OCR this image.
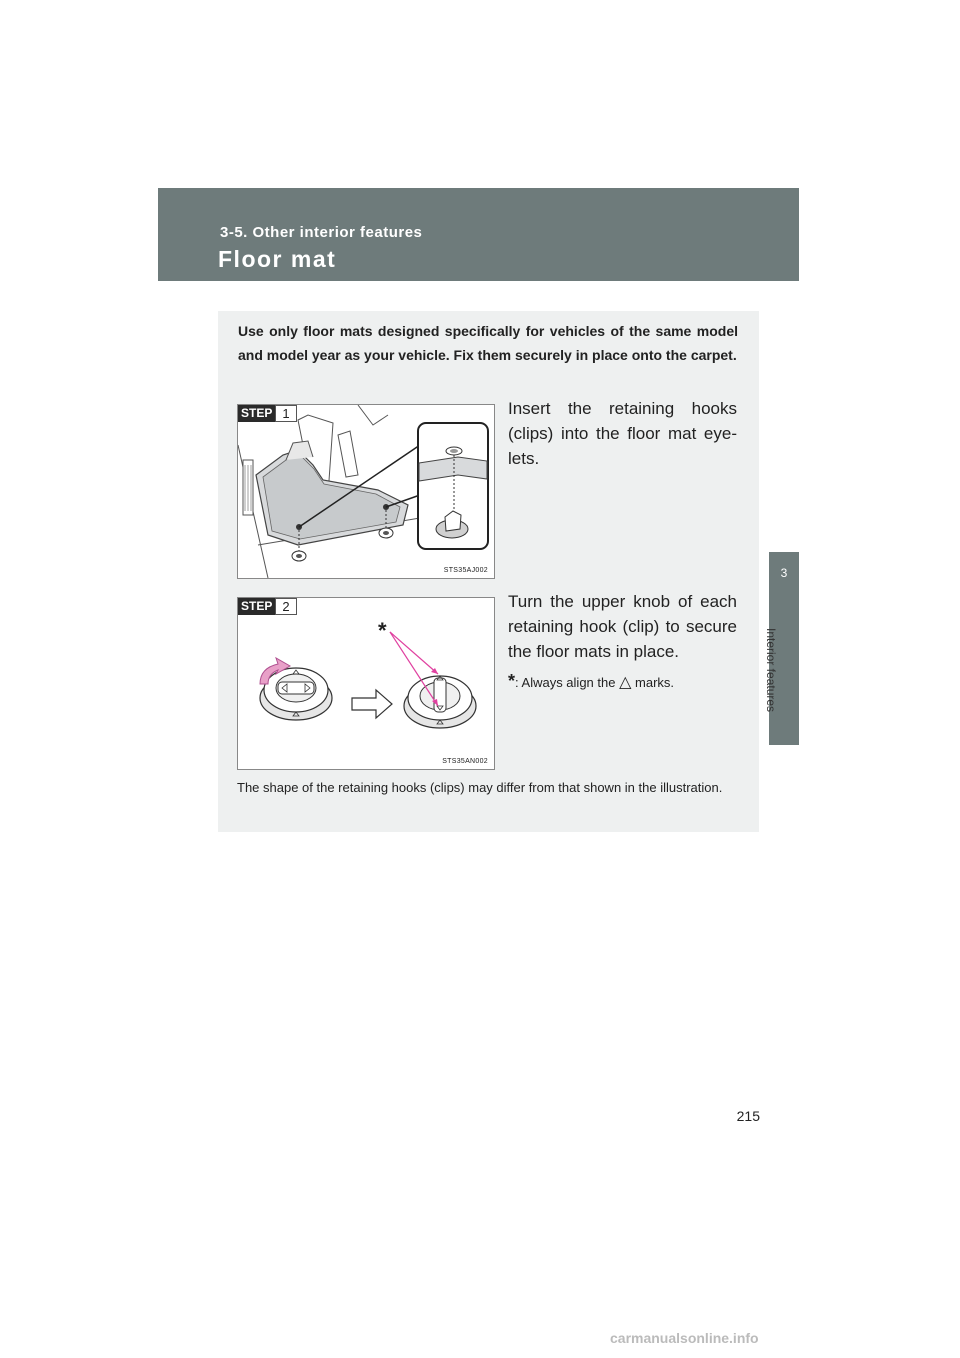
3-5. Other interior features
Floor mat
3
Interior features
Use only floor mats designed specifically for vehicles of the same model and model year as your vehicle. Fix them securely in place onto the carpet.
STEP 1
STS35AJ002
Insert the retaining hooks (clips) into the floor mat eye-lets.
*
STEP 2
STS35AN002
Turn the upper knob of each retaining hook (clip) to secure the floor mats in place.
*: Always align the △ marks.
The shape of the retaining hooks (clips) may differ from that shown in the illustration.
215
carmanualsonline.info
